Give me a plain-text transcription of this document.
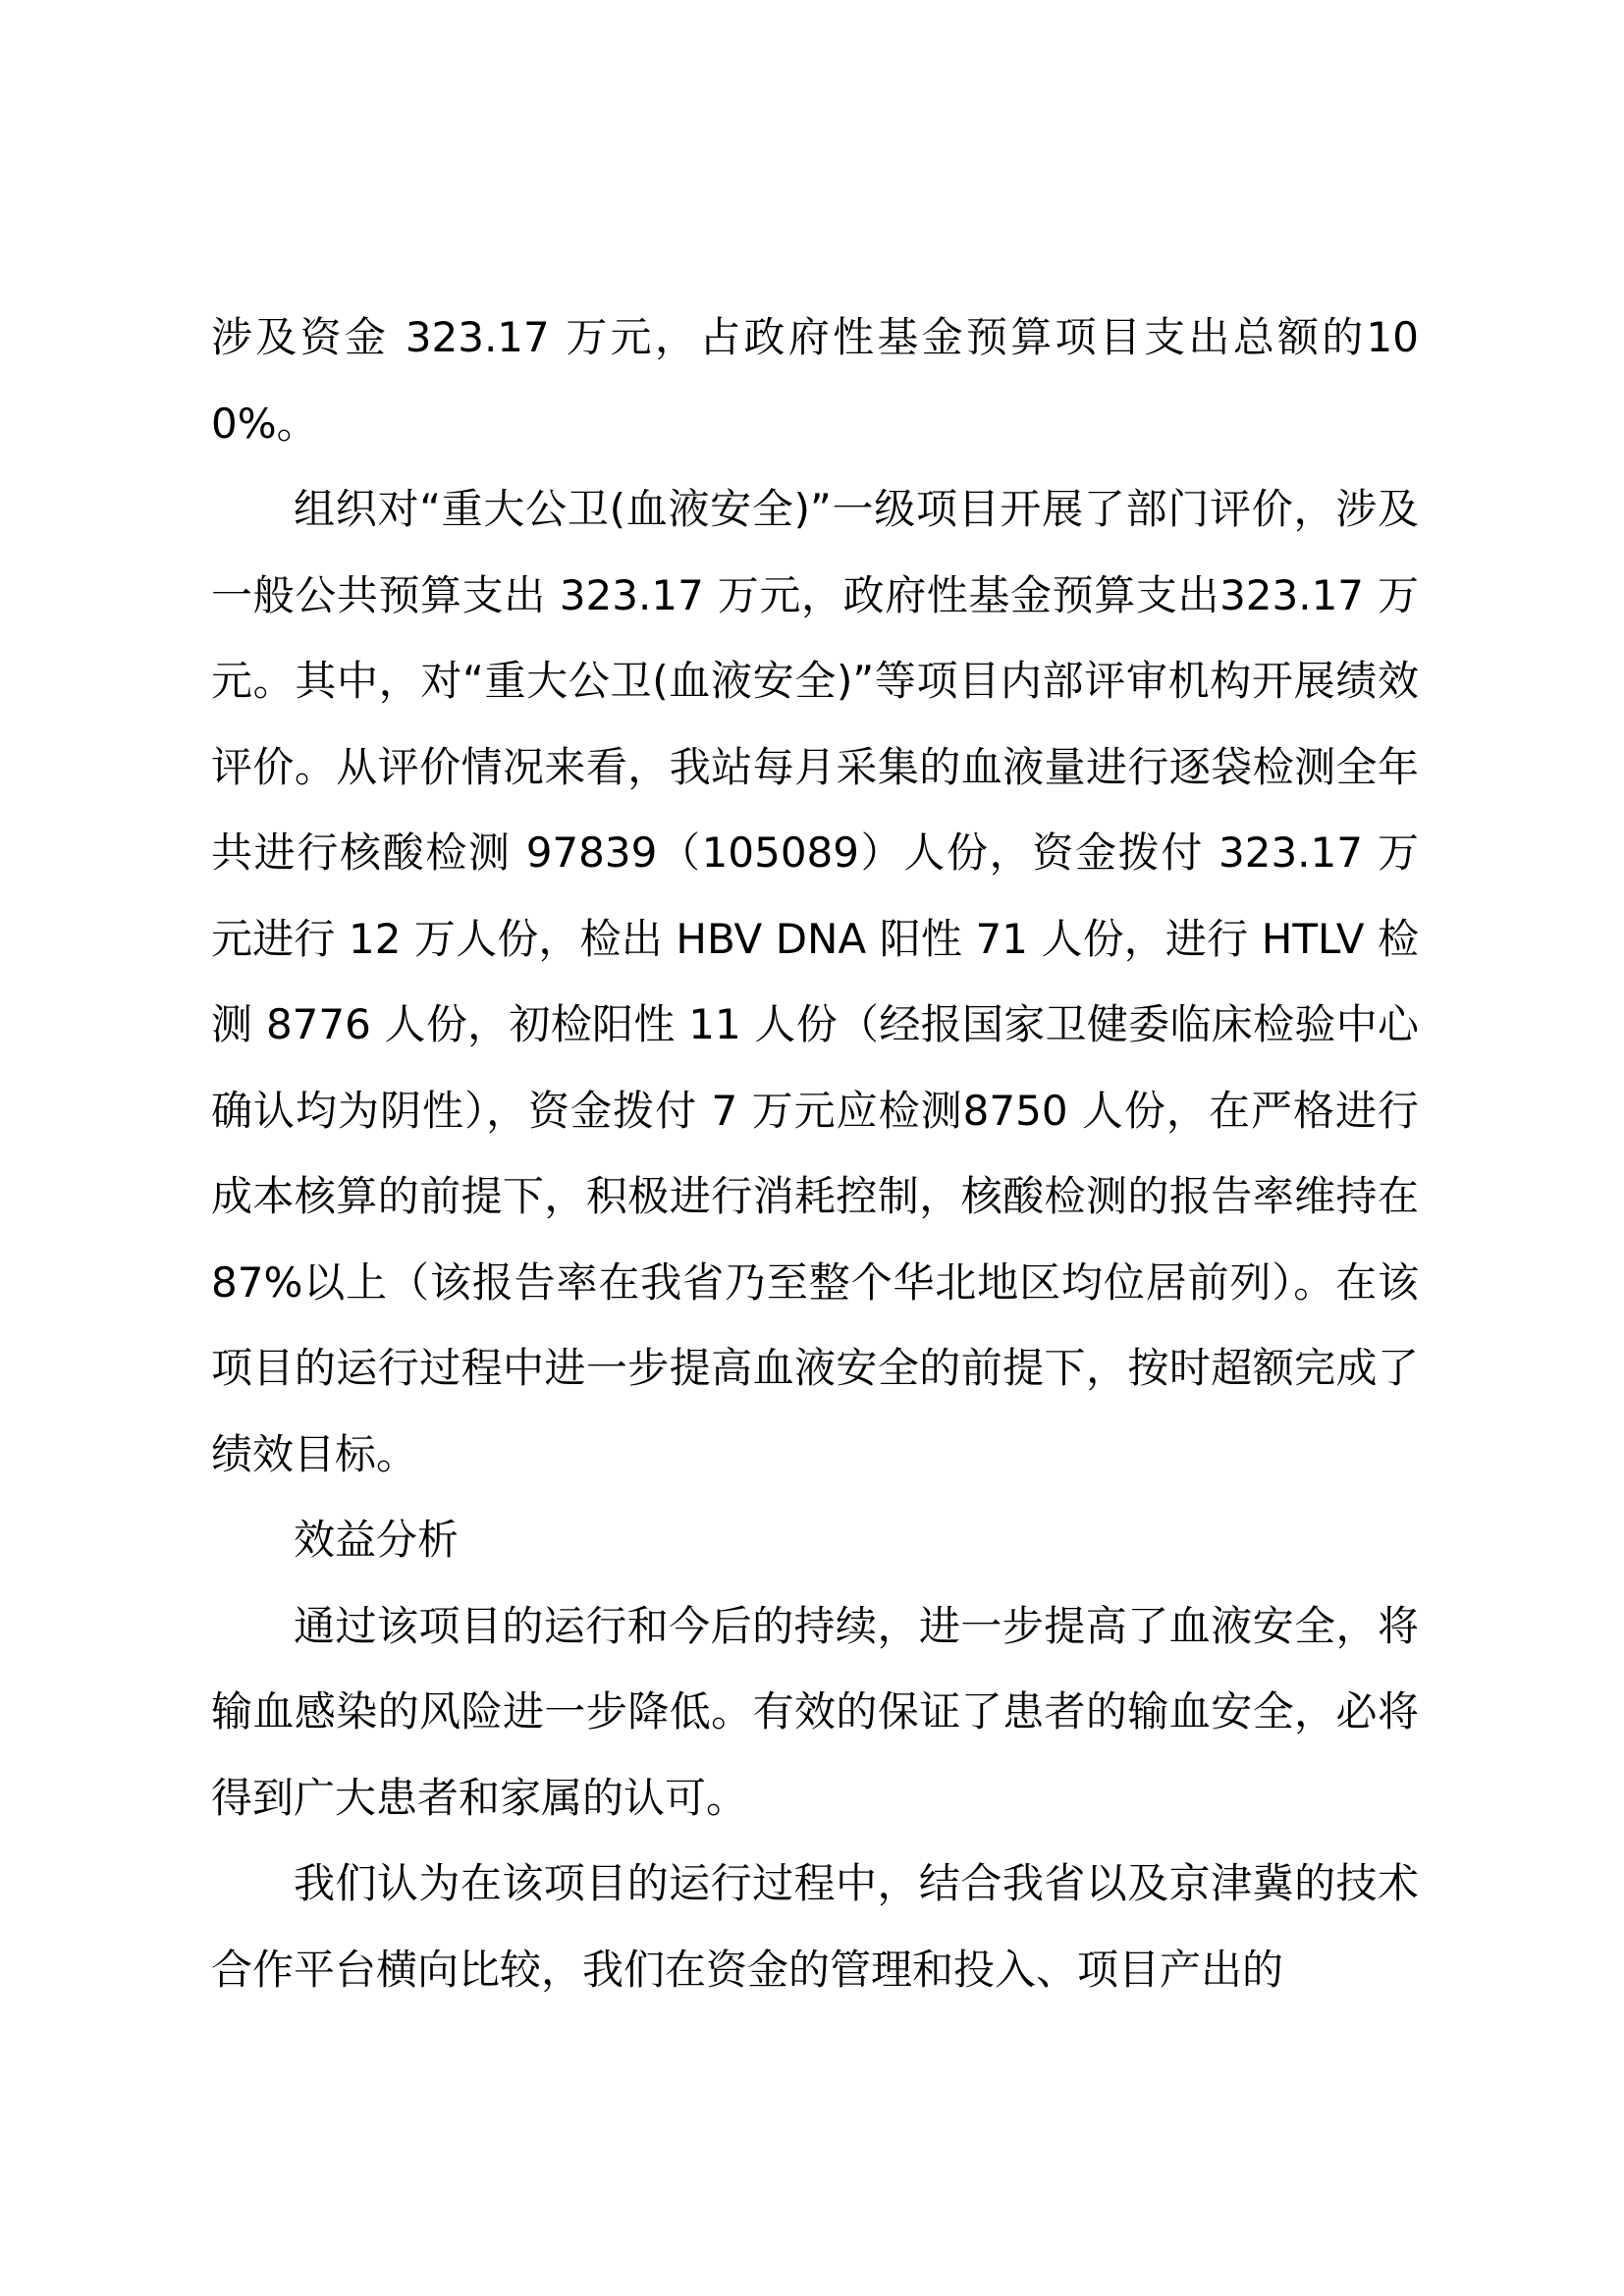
涉及资金 323.17 万元，占政府性基金预算项目支出总额的100%。

组织对“重大公卫(血液安全)”一级项目开展了部门评价，涉及一般公共预算支出 323.17 万元，政府性基金预算支出323.17 万元。其中，对“重大公卫(血液安全)”等项目内部评审机构开展绩效评价。从评价情况来看，我站每月采集的血液量进行逐袋检测全年共进行核酸检测 97839（105089）人份，资金拨付 323.17 万元进行 12 万人份，检出 HBV DNA 阳性 71 人份，进行 HTLV 检测 8776 人份，初检阳性 11 人份（经报国家卫健委临床检验中心确认均为阴性），资金拨付 7 万元应检测8750 人份，在严格进行成本核算的前提下，积极进行消耗控制，核酸检测的报告率维持在 87%以上（该报告率在我省乃至整个华北地区均位居前列）。在该项目的运行过程中进一步提高血液安全的前提下，按时超额完成了绩效目标。

效益分析

通过该项目的运行和今后的持续，进一步提高了血液安全，将输血感染的风险进一步降低。有效的保证了患者的输血安全，必将得到广大患者和家属的认可。

我们认为在该项目的运行过程中，结合我省以及京津冀的技术合作平台横向比较，我们在资金的管理和投入、项目产出的
